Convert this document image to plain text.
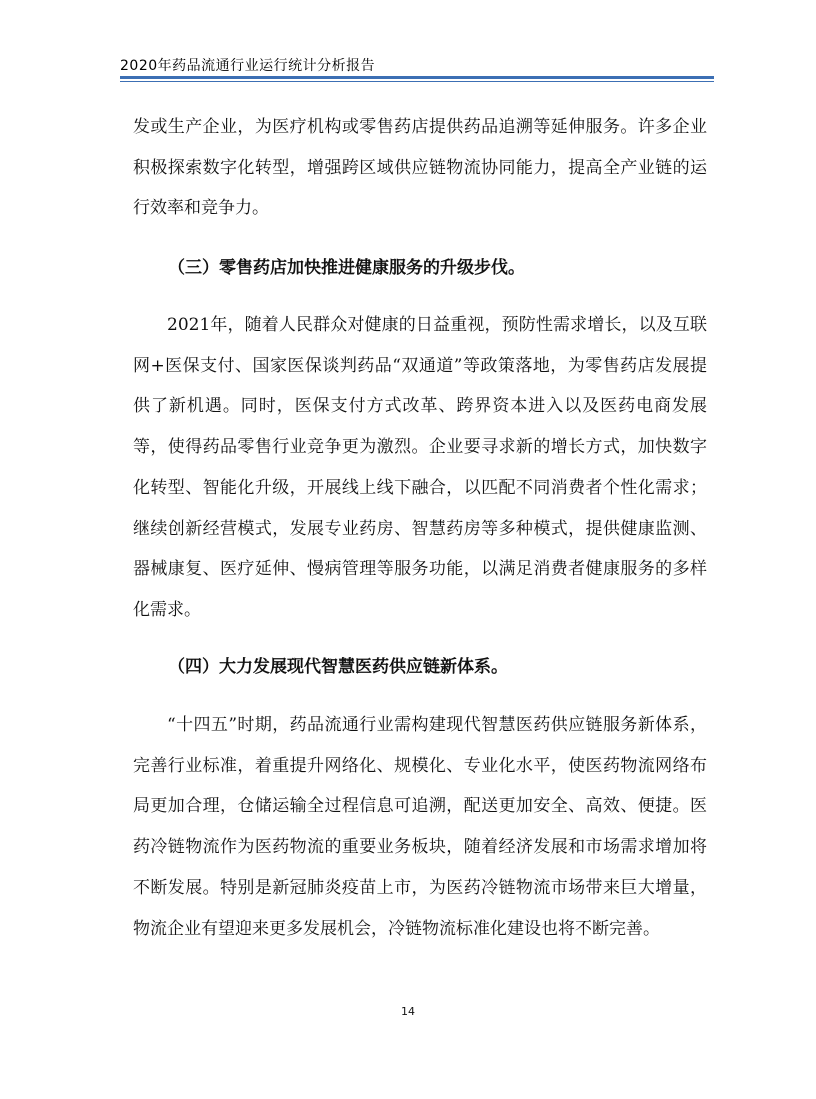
2020年药品流通行业运行统计分析报告

发或生产企业，为医疗机构或零售药店提供药品追溯等延伸服务。许多企业积极探索数字化转型，增强跨区域供应链物流协同能力，提高全产业链的运行效率和竞争力。

（三）零售药店加快推进健康服务的升级步伐。

2021年，随着人民群众对健康的日益重视，预防性需求增长，以及互联网+医保支付、国家医保谈判药品“双通道”等政策落地，为零售药店发展提供了新机遇。同时，医保支付方式改革、跨界资本进入以及医药电商发展等，使得药品零售行业竞争更为激烈。企业要寻求新的增长方式，加快数字化转型、智能化升级，开展线上线下融合，以匹配不同消费者个性化需求；继续创新经营模式，发展专业药房、智慧药房等多种模式，提供健康监测、器械康复、医疗延伸、慢病管理等服务功能，以满足消费者健康服务的多样化需求。

（四）大力发展现代智慧医药供应链新体系。

“十四五”时期，药品流通行业需构建现代智慧医药供应链服务新体系，完善行业标准，着重提升网络化、规模化、专业化水平，使医药物流网络布局更加合理，仓储运输全过程信息可追溯，配送更加安全、高效、便捷。医药冷链物流作为医药物流的重要业务板块，随着经济发展和市场需求增加将不断发展。特别是新冠肺炎疫苗上市，为医药冷链物流市场带来巨大增量，物流企业有望迎来更多发展机会，冷链物流标准化建设也将不断完善。

14
